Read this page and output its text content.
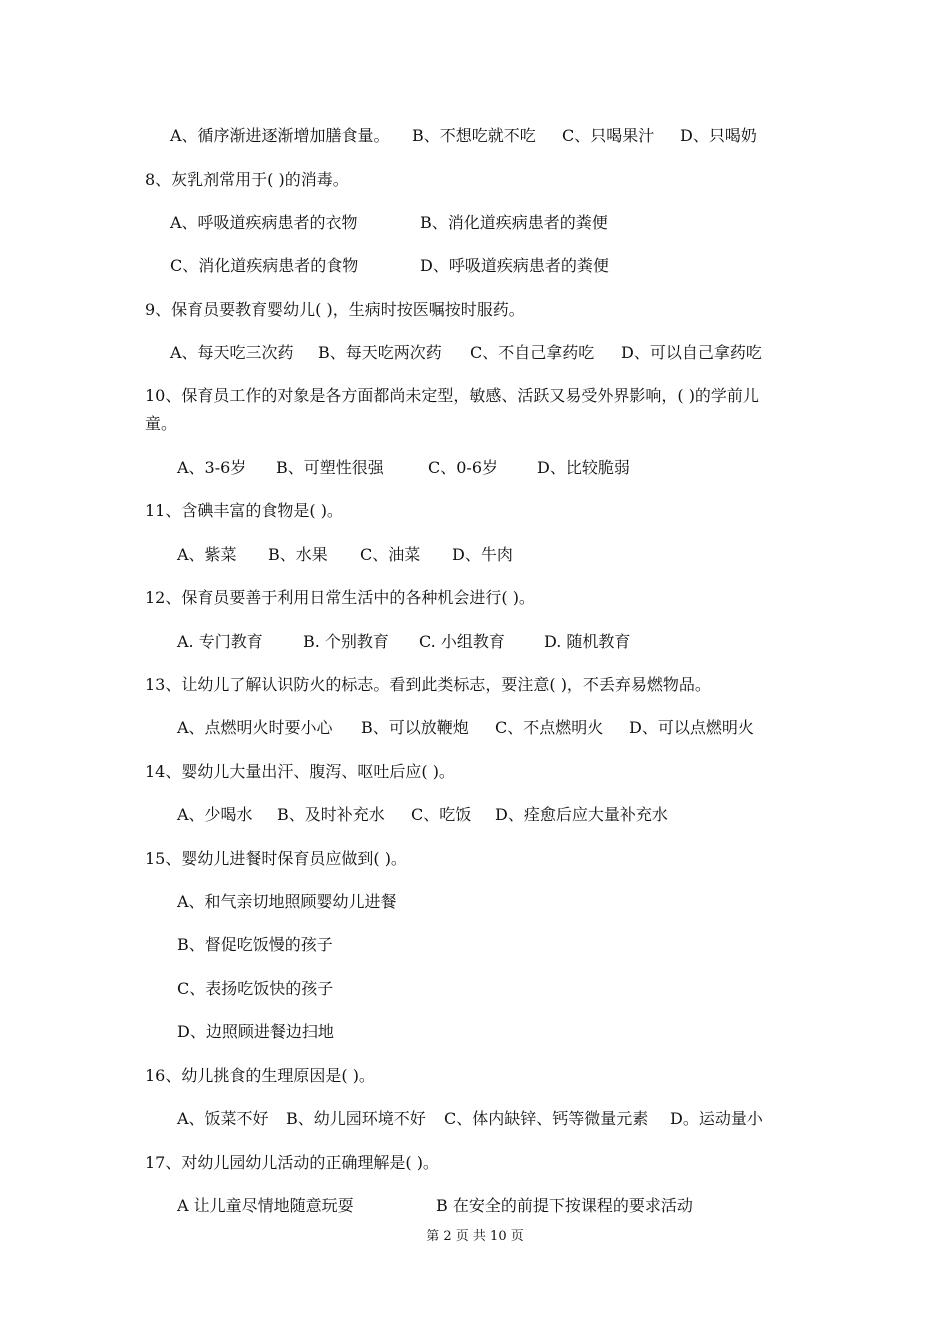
A、循序渐进逐渐增加膳食量。 B、不想吃就不吃 C、只喝果汁 D、只喝奶
8、灰乳剂常用于( )的消毒。
A、呼吸道疾病患者的衣物	B、消化道疾病患者的粪便
C、消化道疾病患者的食物	D、呼吸道疾病患者的粪便
9、保育员要教育婴幼儿( )，生病时按医嘱按时服药。
A、每天吃三次药 B、每天吃两次药 C、不自己拿药吃 D、可以自己拿药吃
10、保育员工作的对象是各方面都尚未定型，敏感、活跃又易受外界影响，( )的学前儿
童。
A、3-6岁 B、可塑性很强	C、0-6岁 D、比较脆弱
11、含碘丰富的食物是( )。
A、紫菜 B、水果 C、油菜 D、牛肉
12、保育员要善于利用日常生活中的各种机会进行( )。
A. 专门教育	B. 个别教育 C. 小组教育 D. 随机教育
13、让幼儿了解认识防火的标志。看到此类标志，要注意( )，不丢弃易燃物品。
A、点燃明火时要小心 B、可以放鞭炮 C、不点燃明火 D、可以点燃明火
14、婴幼儿大量出汗、腹泻、呕吐后应( )。
A、少喝水 B、及时补充水 C、吃饭 D、痊愈后应大量补充水
15、婴幼儿进餐时保育员应做到( )。
A、和气亲切地照顾婴幼儿进餐
B、督促吃饭慢的孩子
C、表扬吃饭快的孩子
D、边照顾进餐边扫地
16、幼儿挑食的生理原因是( )。
A、饭菜不好 B、幼儿园环境不好 C、体内缺锌、钙等微量元素 D。运动量小
17、对幼儿园幼儿活动的正确理解是( )。
A 让儿童尽情地随意玩耍	B 在安全的前提下按课程的要求活动
第 2 页 共 10 页
